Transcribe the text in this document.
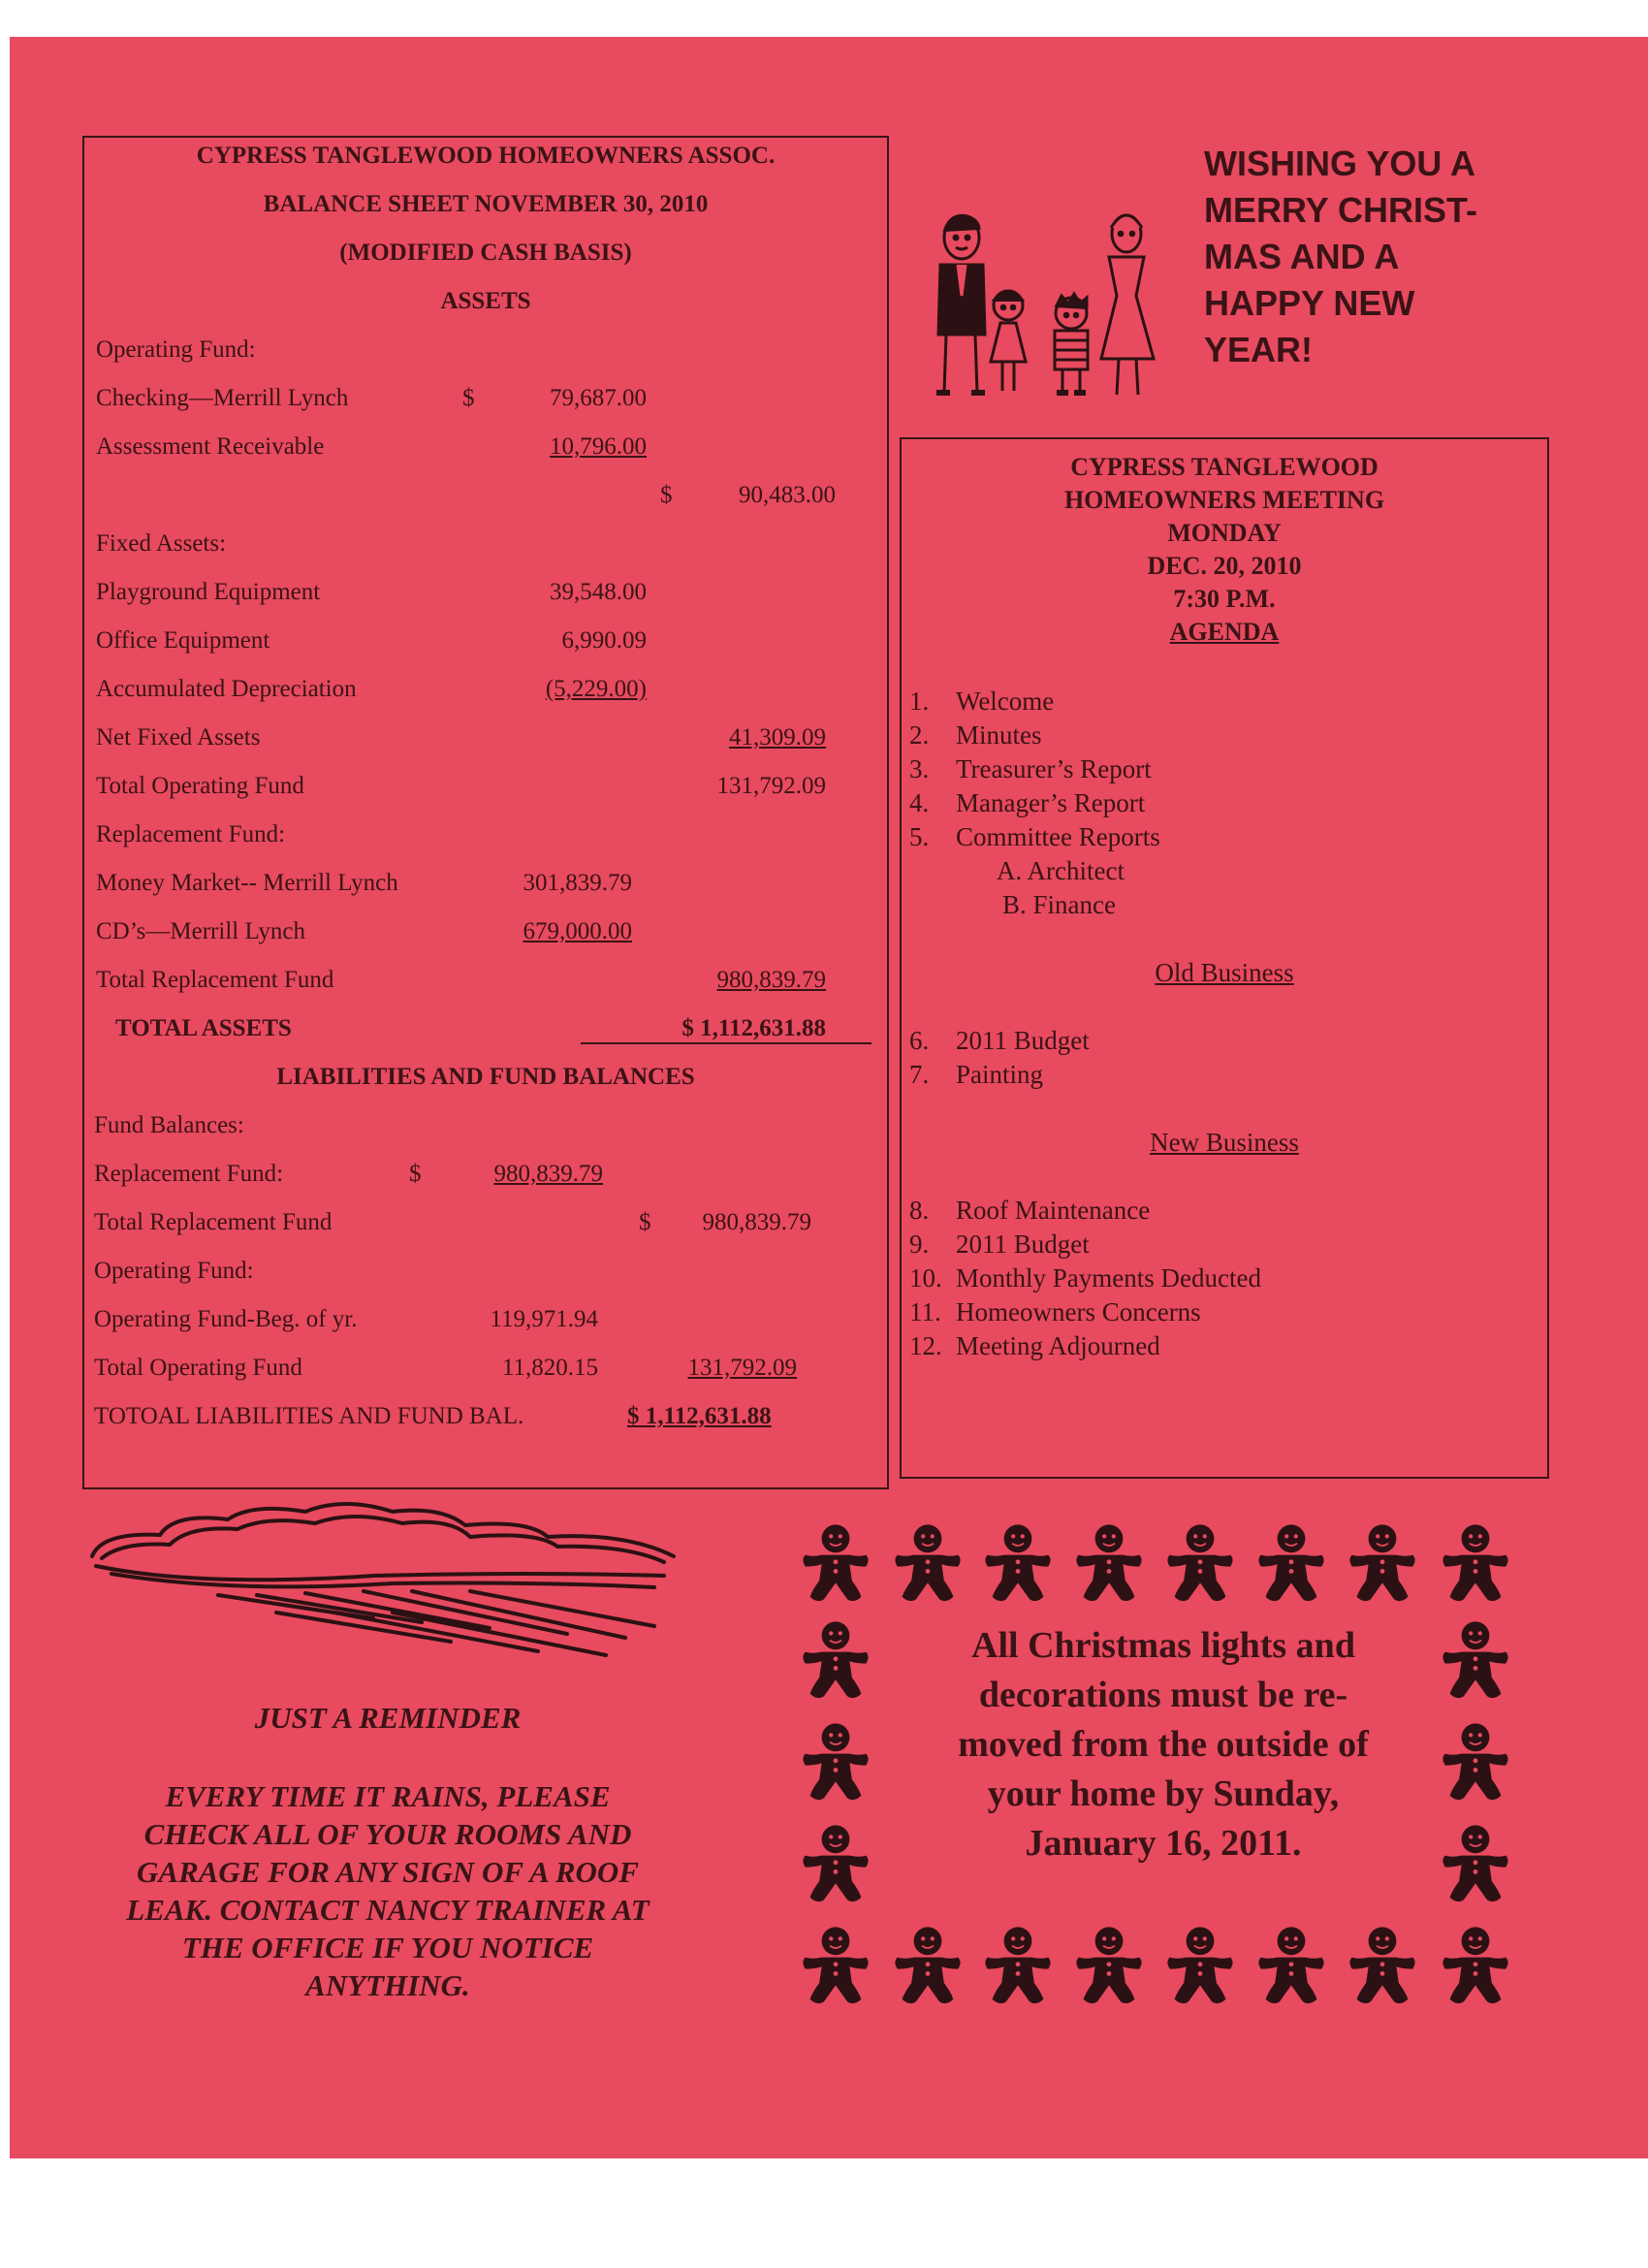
CYPRESS TANGLEWOOD HOMEOWNERS ASSOC.
BALANCE SHEET NOVEMBER 30, 2010
(MODIFIED CASH BASIS)
ASSETS
Operating Fund:
Checking—Merrill Lynch	$	79,687.00
Assessment Receivable	10,796.00
$	90,483.00
Fixed Assets:
Playground Equipment	39,548.00
Office Equipment	6,990.09
Accumulated Depreciation	(5,229.00)
Net Fixed Assets	41,309.09
Total Operating Fund	131,792.09
Replacement Fund:
Money Market-- Merrill Lynch	301,839.79
CD’s—Merrill Lynch	679,000.00
Total Replacement Fund	980,839.79
TOTAL ASSETS	$ 1,112,631.88
LIABILITIES AND FUND BALANCES
Fund Balances:
Replacement Fund:	$	980,839.79
Total Replacement Fund	$	980,839.79
Operating Fund:
Operating Fund-Beg. of yr.	119,971.94
Total Operating Fund	11,820.15	131,792.09
TOTOAL LIABILITIES AND FUND BAL.	$ 1,112,631.88
WISHING YOU A
MERRY CHRIST-
MAS AND A
HAPPY NEW
YEAR!
CYPRESS TANGLEWOOD
HOMEOWNERS MEETING
MONDAY
DEC. 20, 2010
7:30 P.M.
AGENDA
1. Welcome
2. Minutes
3. Treasurer’s Report
4. Manager’s Report
5. Committee Reports
A. Architect
B. Finance
Old Business
6. 2011 Budget
7. Painting
New Business
8. Roof Maintenance
9. 2011 Budget
10. Monthly Payments Deducted
11. Homeowners Concerns
12. Meeting Adjourned
JUST A REMINDER
EVERY TIME IT RAINS, PLEASE
CHECK ALL OF YOUR ROOMS AND
GARAGE FOR ANY SIGN OF A ROOF
LEAK. CONTACT NANCY TRAINER AT
THE OFFICE IF YOU NOTICE
ANYTHING.
All Christmas lights and
decorations must be re-
moved from the outside of
your home by Sunday,
January 16, 2011.
